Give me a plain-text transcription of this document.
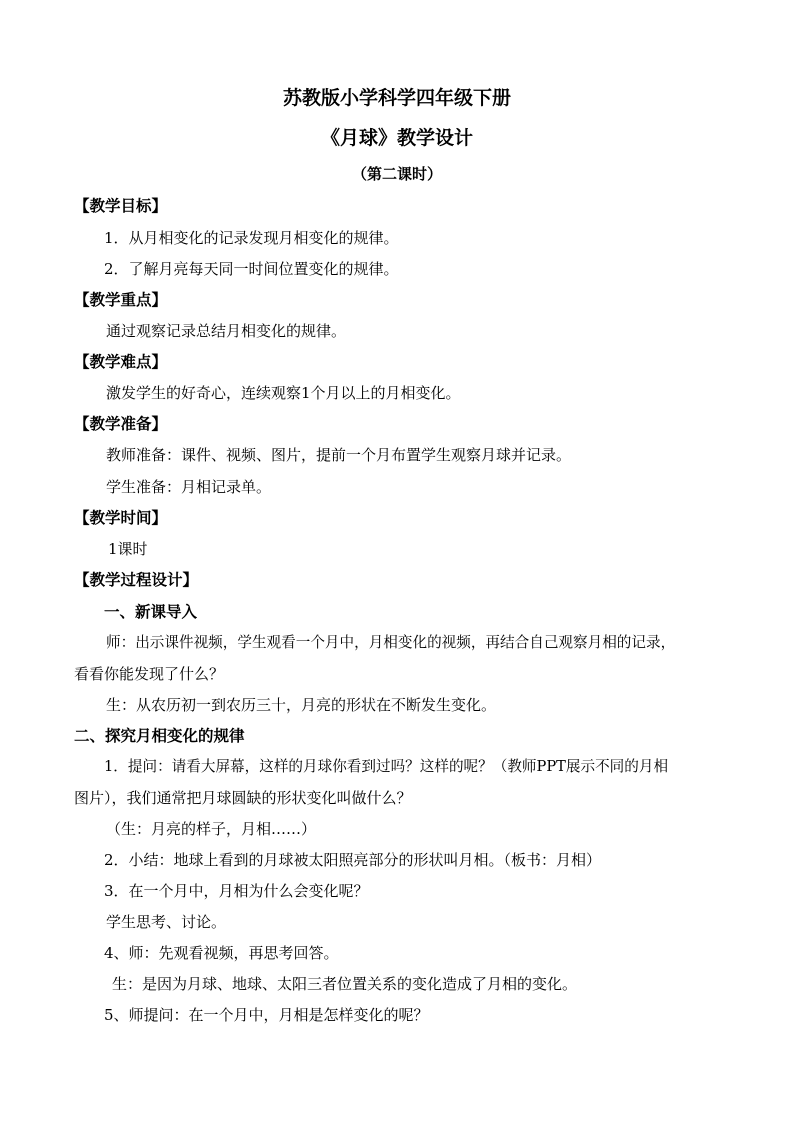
苏教版小学科学四年级下册
《月球》教学设计
（第二课时）
【教学目标】
1．从月相变化的记录发现月相变化的规律。
2．了解月亮每天同一时间位置变化的规律。
【教学重点】
通过观察记录总结月相变化的规律。
【教学难点】
激发学生的好奇心，连续观察1个月以上的月相变化。
【教学准备】
教师准备：课件、视频、图片，提前一个月布置学生观察月球并记录。
学生准备：月相记录单。
【教学时间】
1课时
【教学过程设计】
一、新课导入
师：出示课件视频，学生观看一个月中，月相变化的视频，再结合自己观察月相的记录，
看看你能发现了什么？
生：从农历初一到农历三十，月亮的形状在不断发生变化。
二、探究月相变化的规律
1．提问：请看大屏幕，这样的月球你看到过吗？这样的呢？（教师PPT展示不同的月相
图片），我们通常把月球圆缺的形状变化叫做什么？
（生：月亮的样子，月相……）
2．小结：地球上看到的月球被太阳照亮部分的形状叫月相。（板书：月相）
3．在一个月中，月相为什么会变化呢？
学生思考、讨论。
4、师：先观看视频，再思考回答。
生：是因为月球、地球、太阳三者位置关系的变化造成了月相的变化。
5、师提问：在一个月中，月相是怎样变化的呢？
